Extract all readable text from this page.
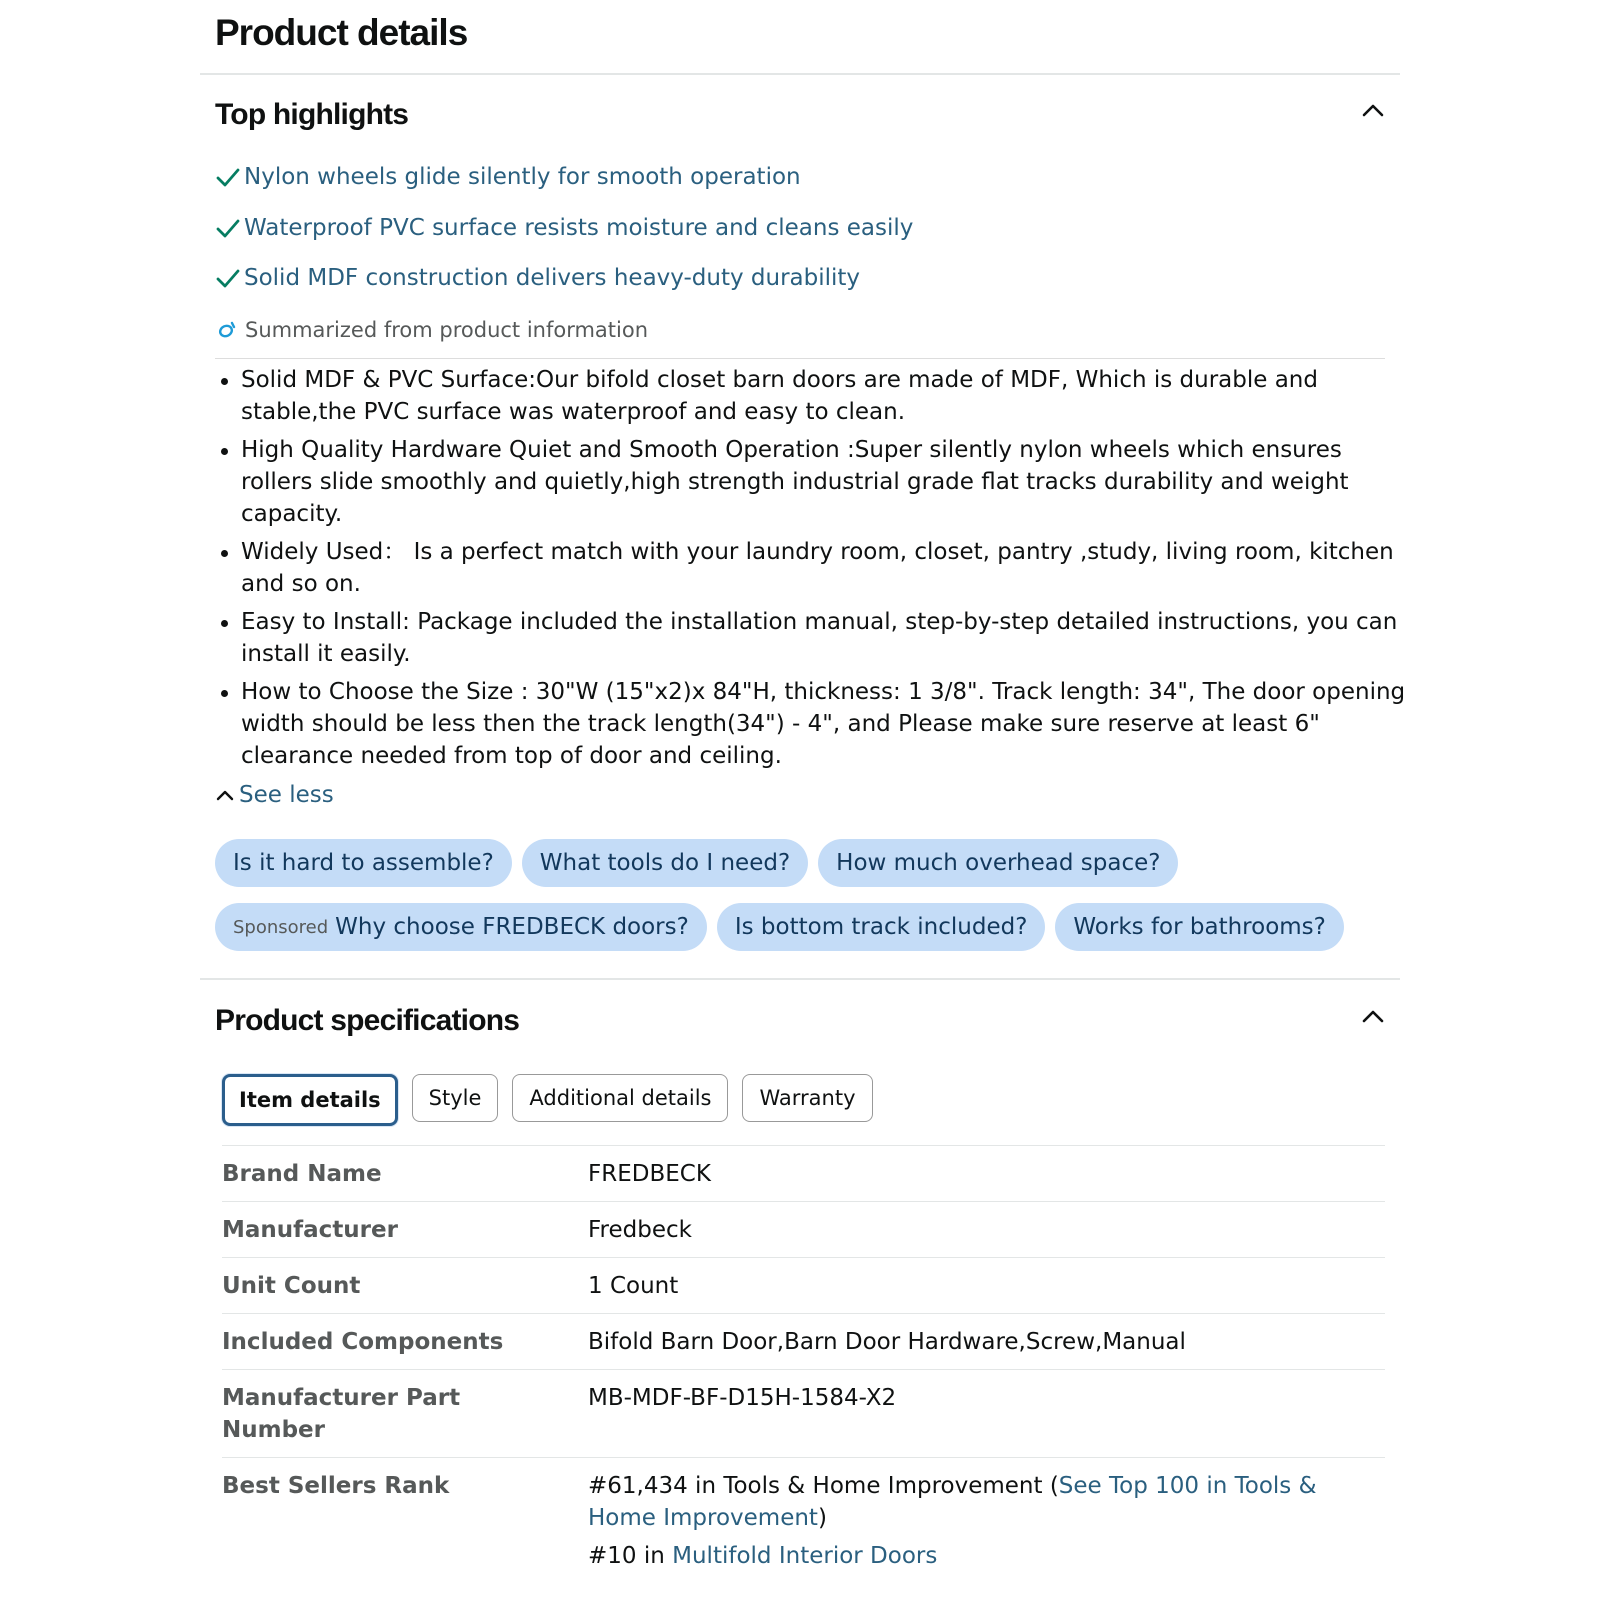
Product details
Top highlights
Nylon wheels glide silently for smooth operation
Waterproof PVC surface resists moisture and cleans easily
Solid MDF construction delivers heavy-duty durability
Summarized from product information
Solid MDF & PVC Surface:Our bifold closet barn doors are made of MDF, Which is durable and stable,the PVC surface was waterproof and easy to clean.
High Quality Hardware Quiet and Smooth Operation :Super silently nylon wheels which ensures rollers slide smoothly and quietly,high strength industrial grade flat tracks durability and weight capacity.
Widely Used： Is a perfect match with your laundry room, closet, pantry ,study, living room, kitchen and so on.
Easy to Install: Package included the installation manual, step-by-step detailed instructions, you can install it easily.
How to Choose the Size : 30"W (15"x2)x 84"H, thickness: 1 3/8". Track length: 34", The door opening width should be less then the track length(34") - 4", and Please make sure reserve at least 6" clearance needed from top of door and ceiling.
See less
Is it hard to assemble?	What tools do I need?	How much overhead space?
Sponsored Why choose FREDBECK doors?	Is bottom track included?	Works for bathrooms?
Product specifications
Item details	Style	Additional details	Warranty
Brand Name	FREDBECK
Manufacturer	Fredbeck
Unit Count	1 Count
Included Components	Bifold Barn Door,Barn Door Hardware,Screw,Manual
Manufacturer Part Number	MB-MDF-BF-D15H-1584-X2
Best Sellers Rank	#61,434 in Tools & Home Improvement (See Top 100 in Tools & Home Improvement)
#10 in Multifold Interior Doors
